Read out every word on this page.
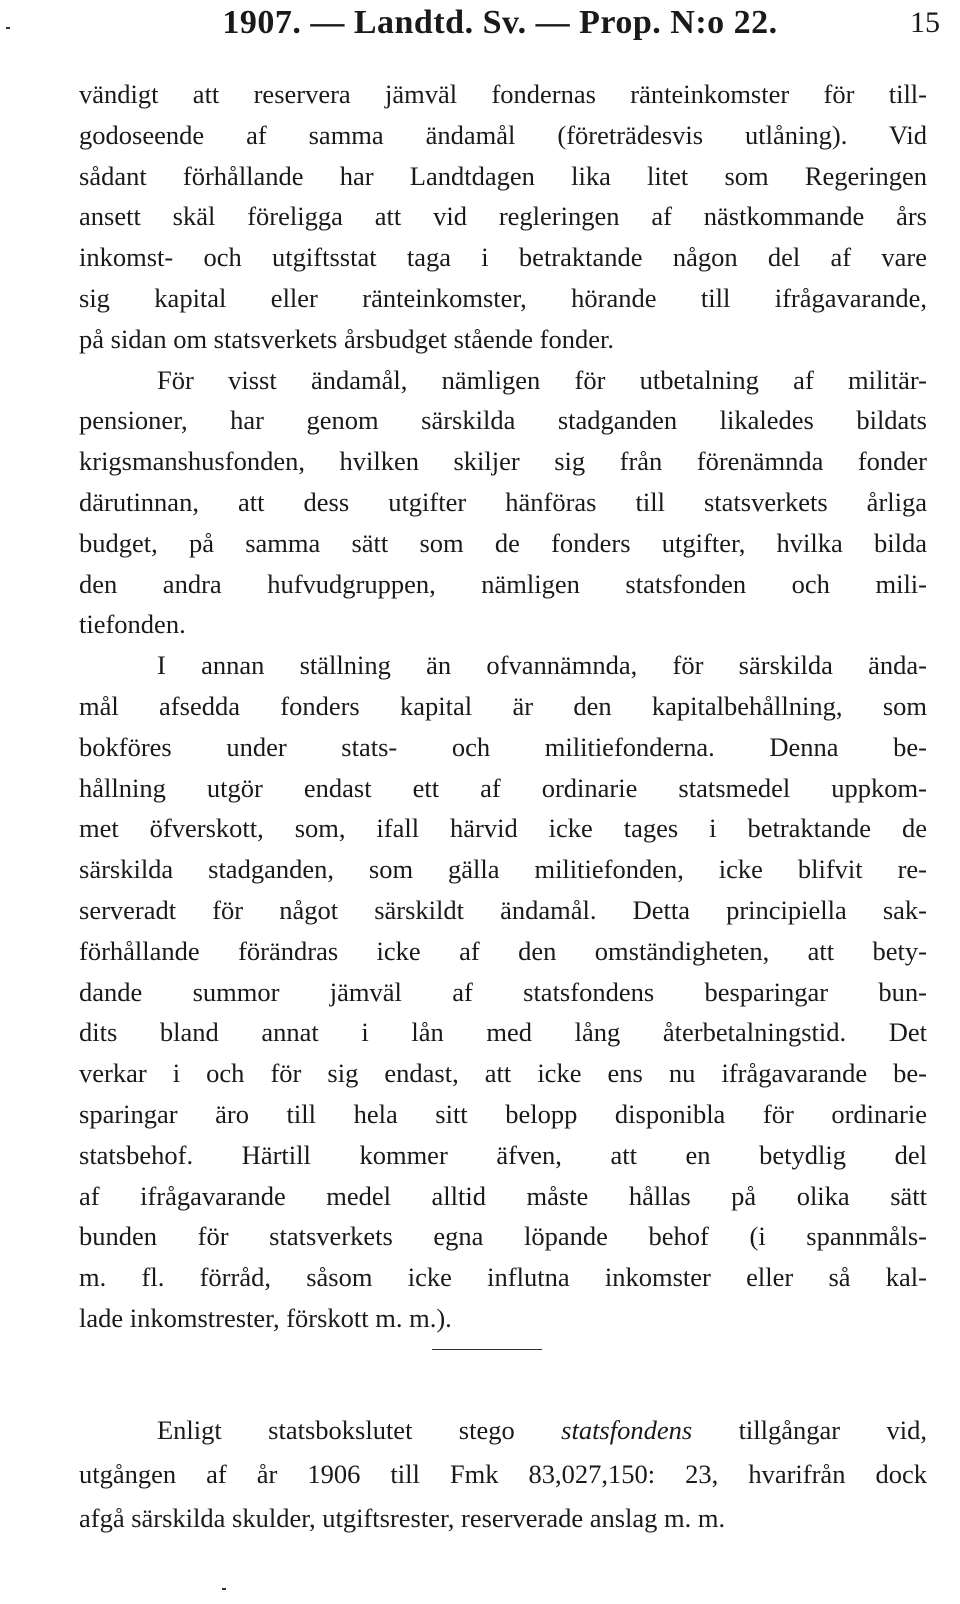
1907. — Landtd. Sv. — Prop. N:o 22.	15
vändigt att reservera jämväl fondernas ränteinkomster för till-
godoseende af samma ändamål (företrädesvis utlåning). Vid
sådant förhållande har Landtdagen lika litet som Regeringen
ansett skäl föreligga att vid regleringen af nästkommande års
inkomst- och utgiftsstat taga i betraktande någon del af vare
sig kapital eller ränteinkomster, hörande till ifrågavarande,
på sidan om statsverkets årsbudget stående fonder.
För visst ändamål, nämligen för utbetalning af militär-
pensioner, har genom särskilda stadganden likaledes bildats
krigsmanshusfonden, hvilken skiljer sig från förenämnda fonder
därutinnan, att dess utgifter hänföras till statsverkets årliga
budget, på samma sätt som de fonders utgifter, hvilka bilda
den andra hufvudgruppen, nämligen statsfonden och mili-
tiefonden.
I annan ställning än ofvannämnda, för särskilda ända-
mål afsedda fonders kapital är den kapitalbehållning, som
bokföres under stats- och militiefonderna. Denna be-
hållning utgör endast ett af ordinarie statsmedel uppkom-
met öfverskott, som, ifall härvid icke tages i betraktande de
särskilda stadganden, som gälla militiefonden, icke blifvit re-
serveradt för något särskildt ändamål. Detta principiella sak-
förhållande förändras icke af den omständigheten, att bety-
dande summor jämväl af statsfondens besparingar bun-
dits bland annat i lån med lång återbetalningstid. Det
verkar i och för sig endast, att icke ens nu ifrågavarande be-
sparingar äro till hela sitt belopp disponibla för ordinarie
statsbehof. Härtill kommer äfven, att en betydlig del
af ifrågavarande medel alltid måste hållas på olika sätt
bunden för statsverkets egna löpande behof (i spannmåls-
m. fl. förråd, såsom icke influtna inkomster eller så kal-
lade inkomstrester, förskott m. m.).
Enligt statsbokslutet stego statsfondens tillgångar vid,
utgången af år 1906 till Fmk 83,027,150: 23, hvarifrån dock
afgå särskilda skulder, utgiftsrester, reserverade anslag m. m.
